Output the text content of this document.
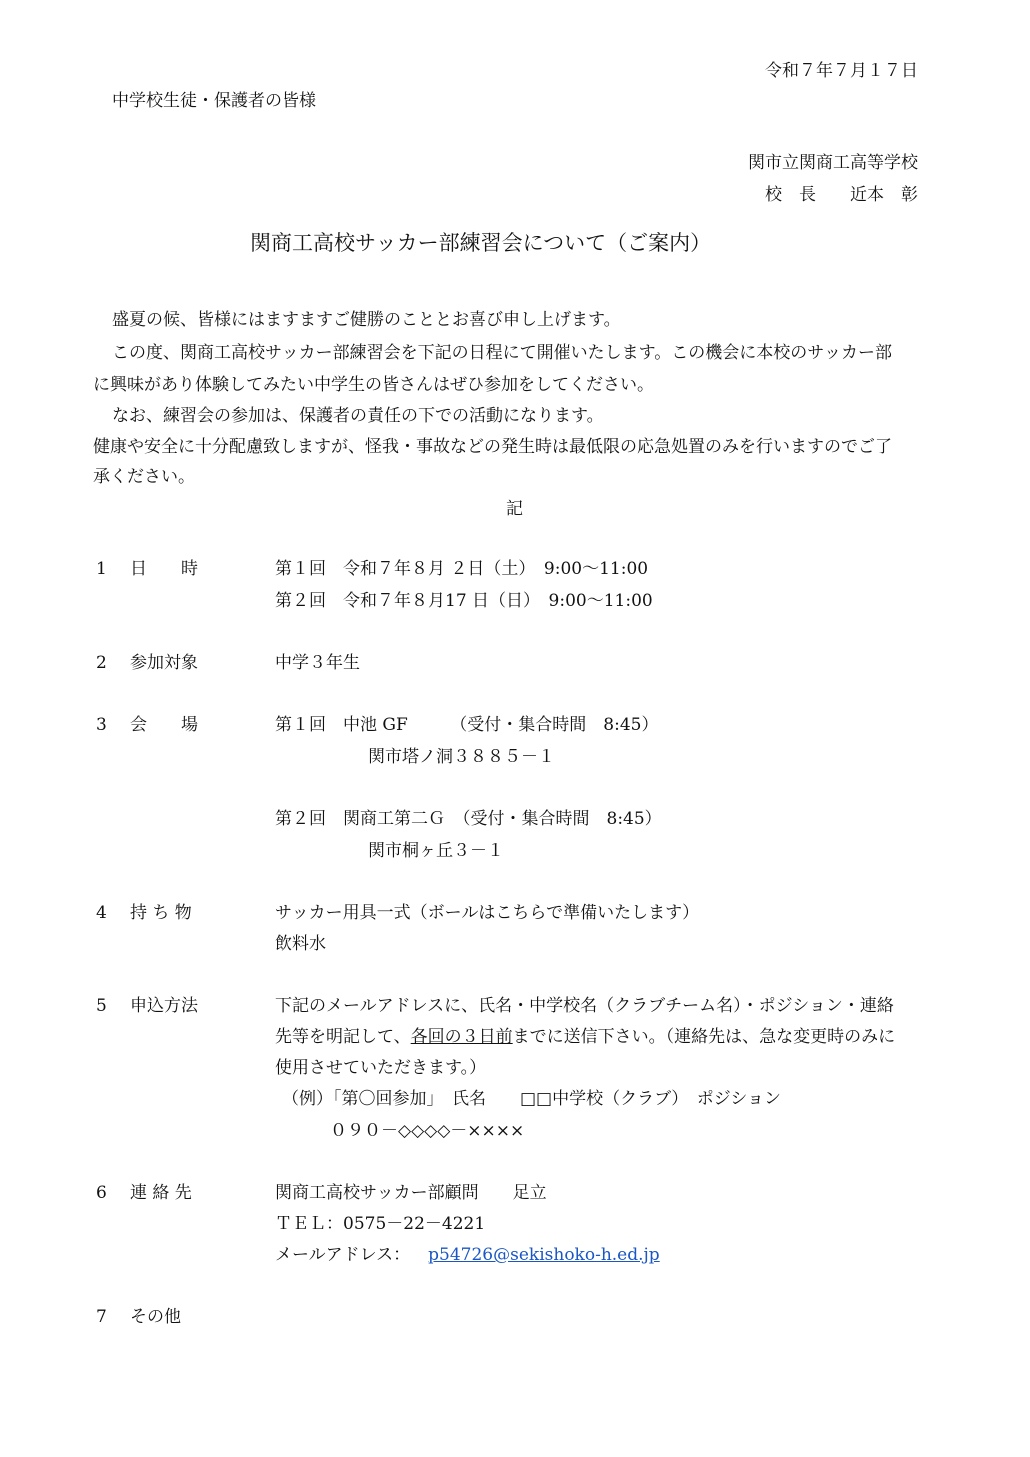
令和７年７月１７日
中学校生徒・保護者の皆様
関市立関商工高等学校
校　長　　近本　彰
関商工高校サッカー部練習会について（ご案内）
盛夏の候、皆様にはますますご健勝のこととお喜び申し上げます。
この度、関商工高校サッカー部練習会を下記の日程にて開催いたします。この機会に本校のサッカー部
に興味があり体験してみたい中学生の皆さんはぜひ参加をしてください。
なお、練習会の参加は、保護者の責任の下での活動になります。
健康や安全に十分配慮致しますが、怪我・事故などの発生時は最低限の応急処置のみを行いますのでご了
承ください。
記
1 日　　時	第１回　令和７年８月 ２日（土）　9:00～11:00
第２回　令和７年８月17 日（日）　9:00～11:00
2 参加対象	中学３年生
3 会　　場	第１回　中池 GF　　　（受付・集合時間　8:45）
関市塔ノ洞３８８５－１
第２回　関商工第二Ｇ　（受付・集合時間　8:45）
関市桐ヶ丘３－１
4 持 ち 物	サッカー用具一式（ボールはこちらで準備いたします）
飲料水
5 申込方法	下記のメールアドレスに、氏名・中学校名（クラブチーム名）・ポジション・連絡
先等を明記して、各回の３日前までに送信下さい。（連絡先は、急な変更時のみに
使用させていただきます。）
（例）「第〇回参加」　氏名　　□□中学校（クラブ）　ポジション
０９０－◇◇◇◇－××××
6 連 絡 先	関商工高校サッカー部顧問　　足立
ＴＥＬ：0575－22－4221
メールアドレス： p54726@sekishoko-h.ed.jp
7 その他
